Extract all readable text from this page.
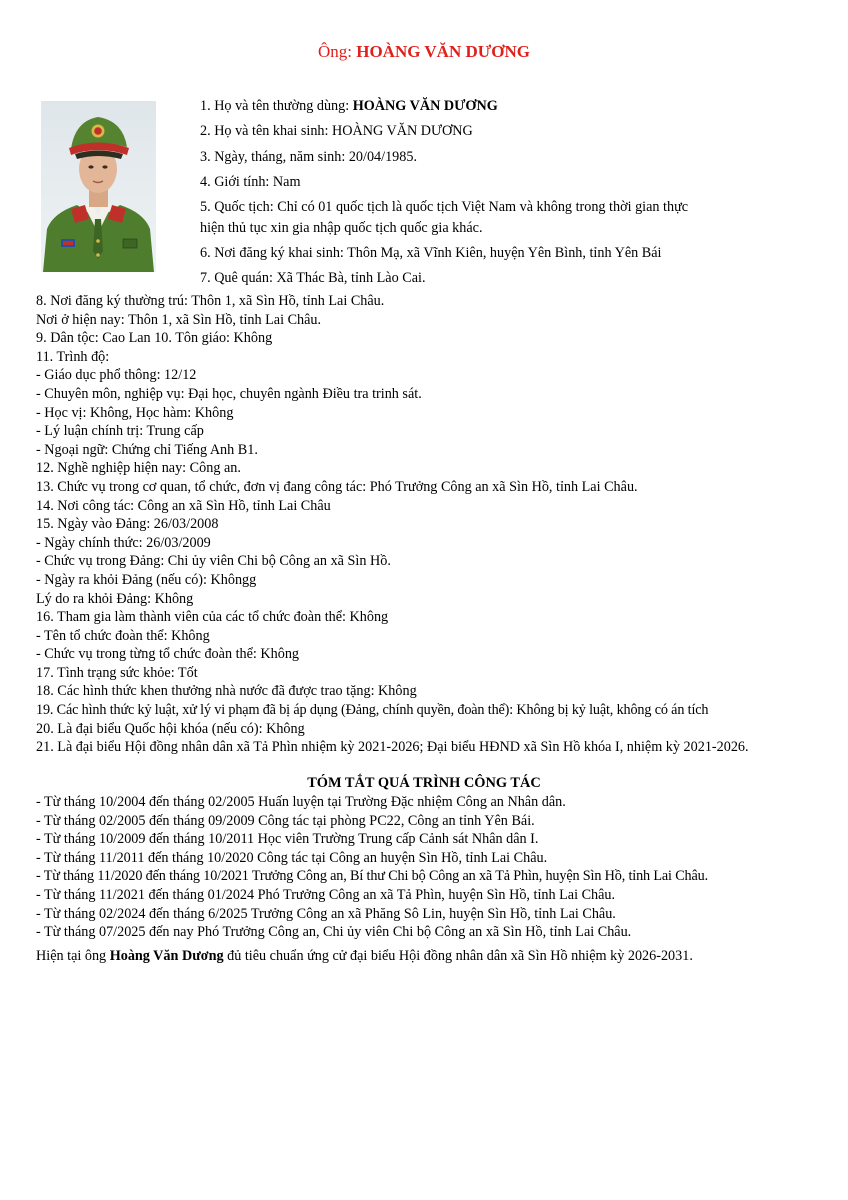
Ông: HOÀNG VĂN DƯƠNG
1. Họ và tên thường dùng: HOÀNG VĂN DƯƠNG
2. Họ và tên khai sinh: HOÀNG VĂN DƯƠNG
3. Ngày, tháng, năm sinh: 20/04/1985.
4. Giới tính: Nam
5. Quốc tịch: Chỉ có 01 quốc tịch là quốc tịch Việt Nam và không trong thời gian thực
hiện thủ tục xin gia nhập quốc tịch quốc gia khác.
6. Nơi đăng ký khai sinh: Thôn Mạ, xã Vĩnh Kiên, huyện Yên Bình, tỉnh Yên Bái
7. Quê quán: Xã Thác Bà, tỉnh Lào Cai.
8. Nơi đăng ký thường trú: Thôn 1, xã Sìn Hồ, tỉnh Lai Châu.
Nơi ở hiện nay: Thôn 1, xã Sìn Hồ, tỉnh Lai Châu.
9. Dân tộc: Cao Lan 10. Tôn giáo: Không
11. Trình độ:
- Giáo dục phổ thông: 12/12
- Chuyên môn, nghiệp vụ: Đại học, chuyên ngành Điều tra trinh sát.
- Học vị: Không, Học hàm: Không
- Lý luận chính trị: Trung cấp
- Ngoại ngữ: Chứng chỉ Tiếng Anh B1.
12. Nghề nghiệp hiện nay: Công an.
13. Chức vụ trong cơ quan, tổ chức, đơn vị đang công tác: Phó Trưởng Công an xã Sìn Hồ, tỉnh Lai Châu.
14. Nơi công tác: Công an xã Sìn Hồ, tỉnh Lai Châu
15. Ngày vào Đảng: 26/03/2008
- Ngày chính thức: 26/03/2009
- Chức vụ trong Đảng: Chi ủy viên Chi bộ Công an xã Sìn Hồ.
- Ngày ra khỏi Đảng (nếu có): Khôngg
Lý do ra khỏi Đảng: Không
16. Tham gia làm thành viên của các tổ chức đoàn thể: Không
- Tên tổ chức đoàn thể: Không
- Chức vụ trong từng tổ chức đoàn thể: Không
17. Tình trạng sức khỏe: Tốt
18. Các hình thức khen thưởng nhà nước đã được trao tặng: Không
19. Các hình thức kỷ luật, xử lý vi phạm đã bị áp dụng (Đảng, chính quyền, đoàn thể): Không bị kỷ luật, không có án tích
20. Là đại biểu Quốc hội khóa (nếu có): Không
21. Là đại biểu Hội đồng nhân dân xã Tả Phìn nhiệm kỳ 2021-2026; Đại biểu HĐND xã Sìn Hồ khóa I, nhiệm kỳ 2021-2026.
TÓM TẮT QUÁ TRÌNH CÔNG TÁC
- Từ tháng 10/2004 đến tháng 02/2005 Huấn luyện tại Trường Đặc nhiệm Công an Nhân dân.
- Từ tháng 02/2005 đến tháng 09/2009 Công tác tại phòng PC22, Công an tỉnh Yên Bái.
- Từ tháng 10/2009 đến tháng 10/2011 Học viên Trường Trung cấp Cảnh sát Nhân dân I.
- Từ tháng 11/2011 đến tháng 10/2020 Công tác tại Công an huyện Sìn Hồ, tỉnh Lai Châu.
- Từ tháng 11/2020 đến tháng 10/2021 Trưởng Công an, Bí thư Chi bộ Công an xã Tả Phìn, huyện Sìn Hồ, tỉnh Lai Châu.
- Từ tháng 11/2021 đến tháng 01/2024 Phó Trưởng Công an xã Tả Phìn, huyện Sìn Hồ, tỉnh Lai Châu.
- Từ tháng 02/2024 đến tháng 6/2025 Trưởng Công an xã Phăng Sô Lin, huyện Sìn Hồ, tỉnh Lai Châu.
- Từ tháng 07/2025 đến nay Phó Trưởng Công an, Chi ủy viên Chi bộ Công an xã Sìn Hồ, tỉnh Lai Châu.
Hiện tại ông Hoàng Văn Dương đủ tiêu chuẩn ứng cử đại biểu Hội đồng nhân dân xã Sìn Hồ nhiệm kỳ 2026-2031.
